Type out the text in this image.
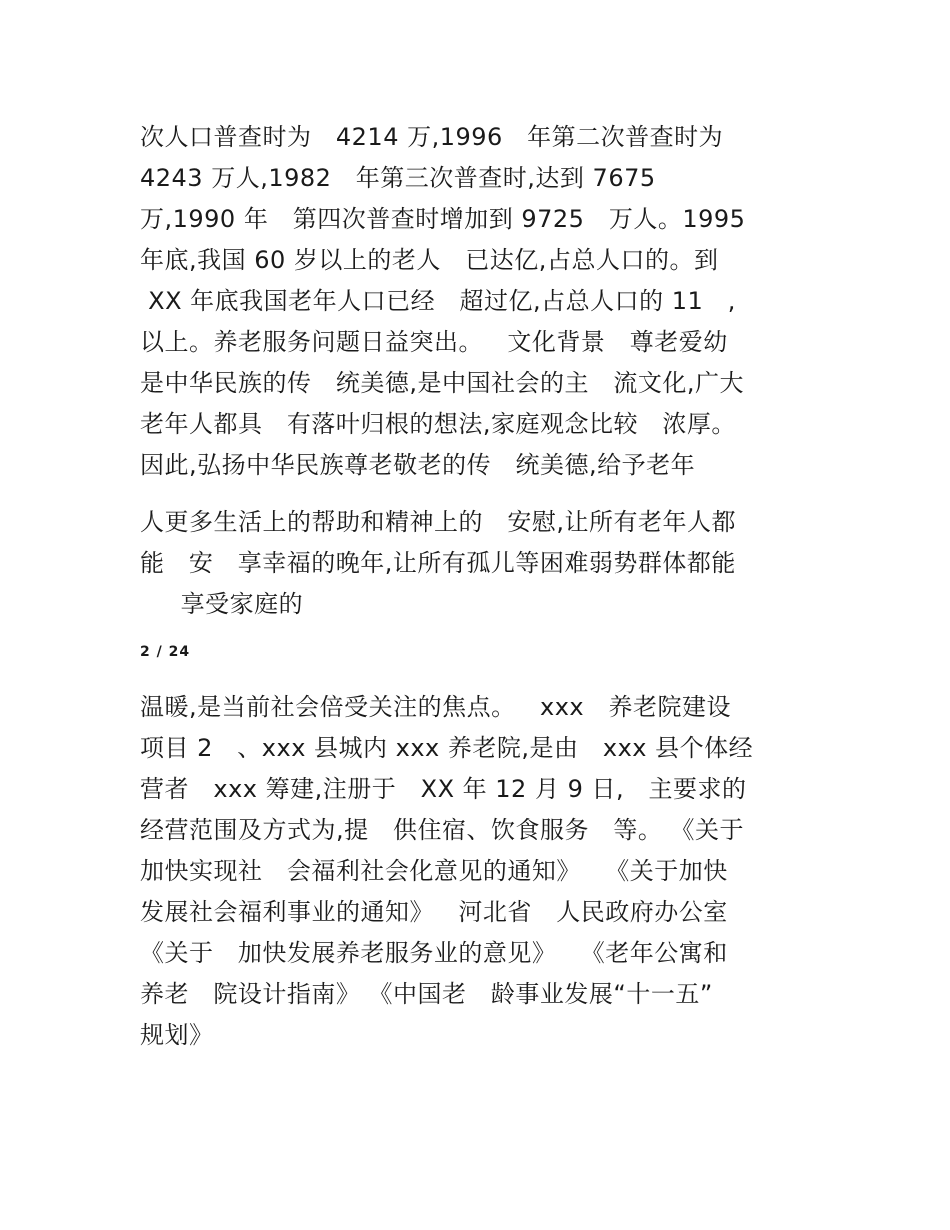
次人口普查时为   4214 万,1996   年第二次普查时为
4243 万人,1982   年第三次普查时,达到 7675
万,1990 年   第四次普查时增加到 9725   万人。1995
年底,我国 60 岁以上的老人   已达亿,占总人口的。到
XX 年底我国老年人口已经   超过亿,占总人口的 11   ,
以上。养老服务问题日益突出。   文化背景   尊老爱幼
是中华民族的传   统美德,是中国社会的主   流文化,广大
老年人都具   有落叶归根的想法,家庭观念比较   浓厚。
因此,弘扬中华民族尊老敬老的传   统美德,给予老年
人更多生活上的帮助和精神上的   安慰,让所有老年人都
能   安   享幸福的晚年,让所有孤儿等困难弱势群体都能
享受家庭的
2 / 24
温暖,是当前社会倍受关注的焦点。   xxx   养老院建设
项目 2   、xxx 县城内 xxx 养老院,是由   xxx 县个体经
营者   xxx 筹建,注册于   XX 年 12 月 9 日,   主要求的
经营范围及方式为,提   供住宿、饮食服务   等。 《关于
加快实现社   会福利社会化意见的通知》   《关于加快
发展社会福利事业的通知》   河北省   人民政府办公室
《关于   加快发展养老服务业的意见》   《老年公寓和
养老   院设计指南》 《中国老   龄事业发展“十一五”
规划》
